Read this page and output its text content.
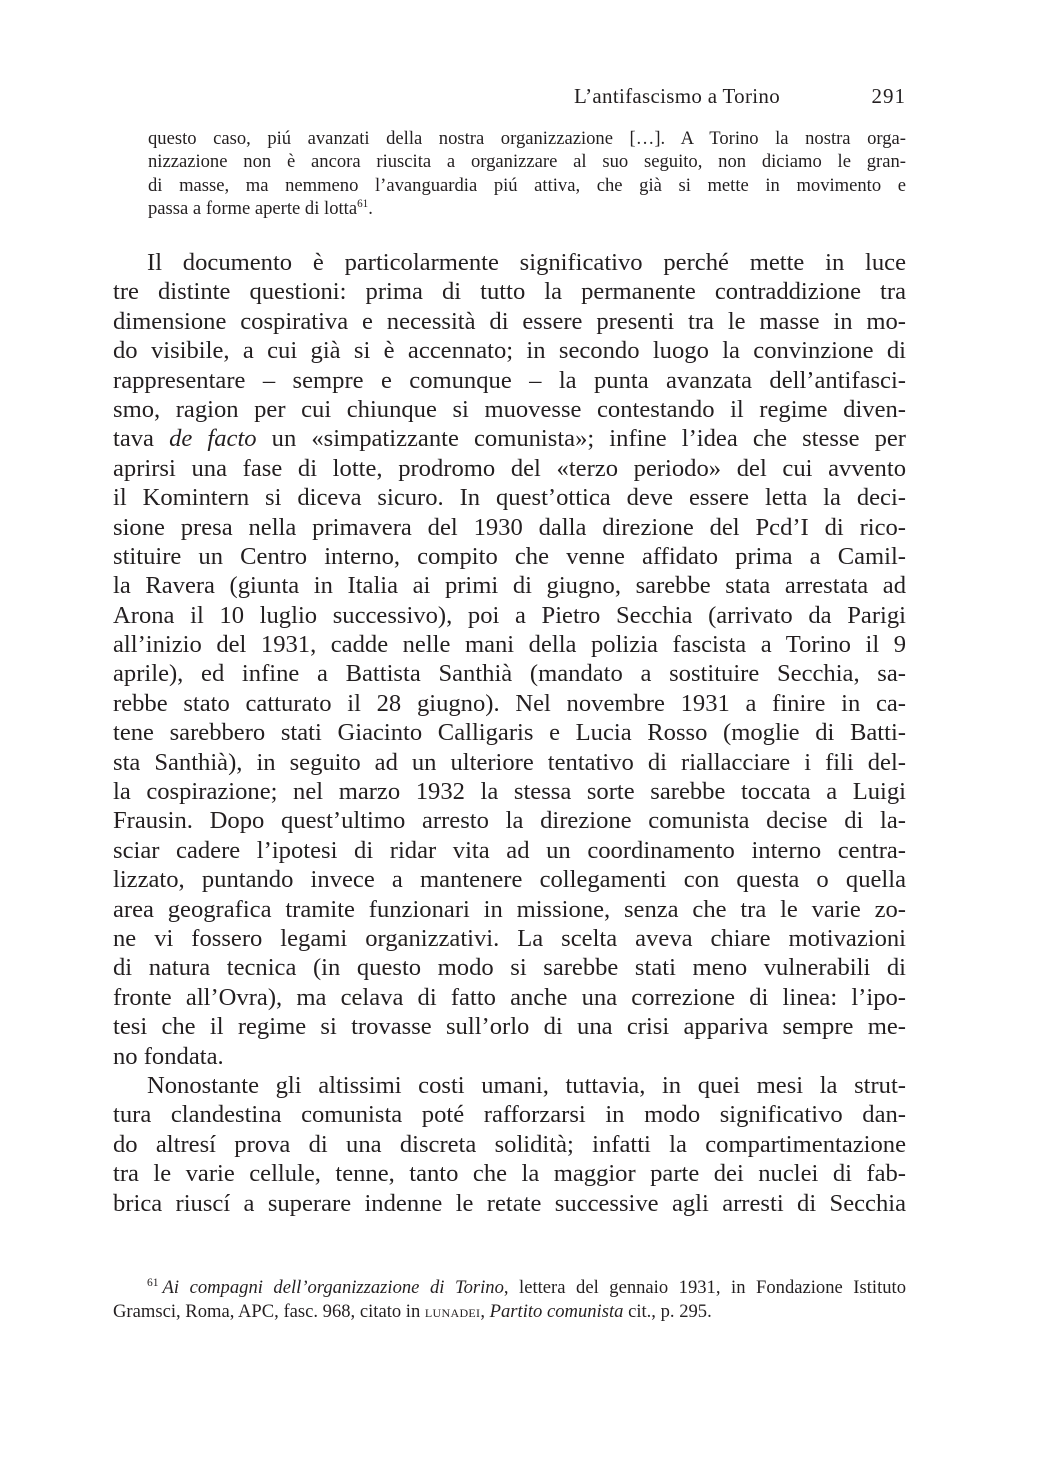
L’antifascismo a Torino	291
questo caso, piú avanzati della nostra organizzazione […]. A Torino la nostra orga-
nizzazione non è ancora riuscita a organizzare al suo seguito, non diciamo le gran-
di masse, ma nemmeno l’avanguardia piú attiva, che già si mette in movimento e
passa a forme aperte di lotta$^{61}$.
Il documento è particolarmente significativo perché mette in luce
tre distinte questioni: prima di tutto la permanente contraddizione tra
dimensione cospirativa e necessità di essere presenti tra le masse in mo-
do visibile, a cui già si è accennato; in secondo luogo la convinzione di
rappresentare – sempre e comunque – la punta avanzata dell’antifasci-
smo, ragion per cui chiunque si muovesse contestando il regime diven-
tava de facto un «simpatizzante comunista»; infine l’idea che stesse per
aprirsi una fase di lotte, prodromo del «terzo periodo» del cui avvento
il Komintern si diceva sicuro. In quest’ottica deve essere letta la deci-
sione presa nella primavera del 1930 dalla direzione del Pcd’I di rico-
stituire un Centro interno, compito che venne affidato prima a Camil-
la Ravera (giunta in Italia ai primi di giugno, sarebbe stata arrestata ad
Arona il 10 luglio successivo), poi a Pietro Secchia (arrivato da Parigi
all’inizio del 1931, cadde nelle mani della polizia fascista a Torino il 9
aprile), ed infine a Battista Santhià (mandato a sostituire Secchia, sa-
rebbe stato catturato il 28 giugno). Nel novembre 1931 a finire in ca-
tene sarebbero stati Giacinto Calligaris e Lucia Rosso (moglie di Batti-
sta Santhià), in seguito ad un ulteriore tentativo di riallacciare i fili del-
la cospirazione; nel marzo 1932 la stessa sorte sarebbe toccata a Luigi
Frausin. Dopo quest’ultimo arresto la direzione comunista decise di la-
sciar cadere l’ipotesi di ridar vita ad un coordinamento interno centra-
lizzato, puntando invece a mantenere collegamenti con questa o quella
area geografica tramite funzionari in missione, senza che tra le varie zo-
ne vi fossero legami organizzativi. La scelta aveva chiare motivazioni
di natura tecnica (in questo modo si sarebbe stati meno vulnerabili di
fronte all’Ovra), ma celava di fatto anche una correzione di linea: l’ipo-
tesi che il regime si trovasse sull’orlo di una crisi appariva sempre me-
no fondata.
Nonostante gli altissimi costi umani, tuttavia, in quei mesi la strut-
tura clandestina comunista poté rafforzarsi in modo significativo dan-
do altresí prova di una discreta solidità; infatti la compartimentazione
tra le varie cellule, tenne, tanto che la maggior parte dei nuclei di fab-
brica riuscí a superare indenne le retate successive agli arresti di Secchia
$^{61}$ Ai compagni dell’organizzazione di Torino, lettera del gennaio 1931, in Fondazione Istituto
Gramsci, Roma, APC, fasc. 968, citato in lunadei, Partito comunista cit., p. 295.
